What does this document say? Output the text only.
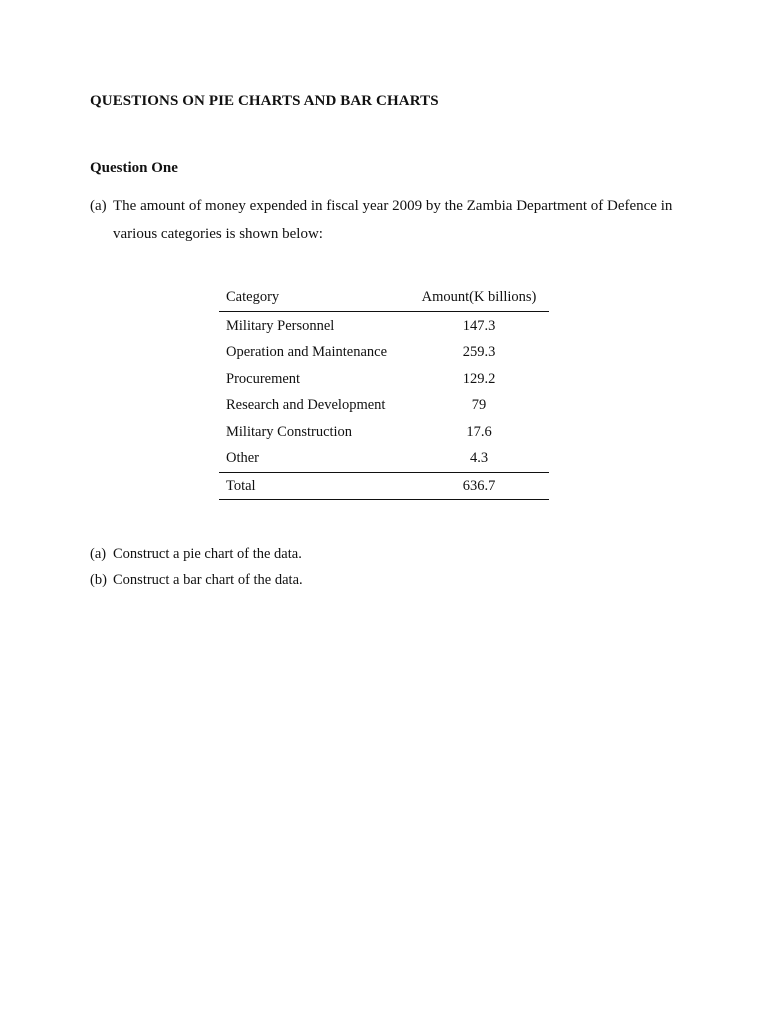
QUESTIONS ON PIE CHARTS AND BAR CHARTS
Question One
(a) The amount of money expended in fiscal year 2009 by the Zambia Department of Defence in
various categories is shown below:
Category	Amount(K billions)
Military Personnel	147.3
Operation and Maintenance	259.3
Procurement	129.2
Research and Development	79
Military Construction	17.6
Other	4.3
Total	636.7
(a) Construct a pie chart of the data.
(b) Construct a bar chart of the data.
